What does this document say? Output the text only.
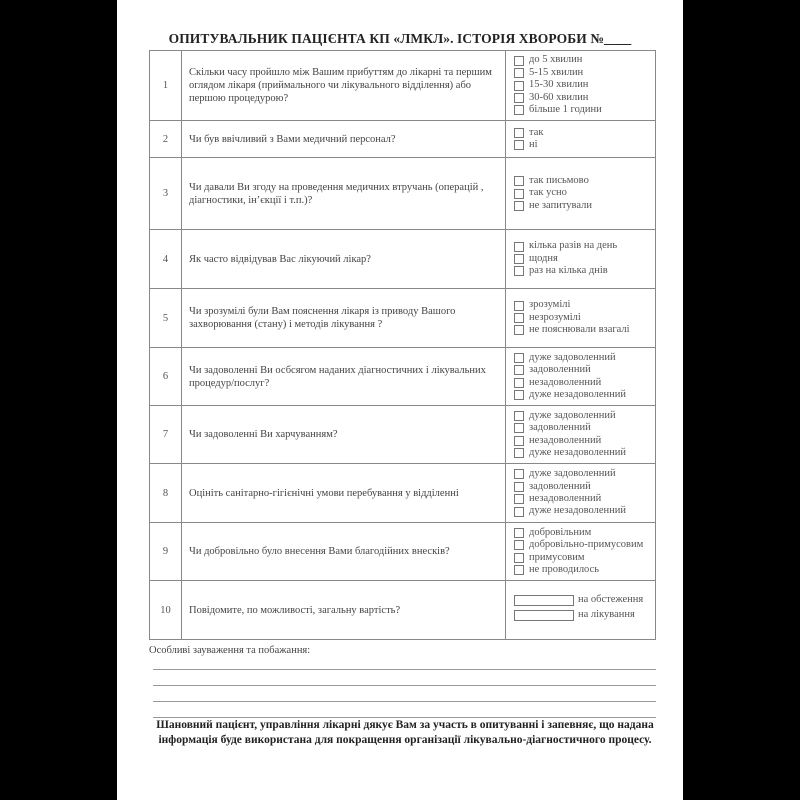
ОПИТУВАЛЬНИК ПАЦІЄНТА КП «ЛМКЛ». ІСТОРІЯ ХВОРОБИ №____
1	Скільки часу пройшло між Вашим прибуттям до лікарні та першим оглядом лікаря (приймального чи лікувального відділення) або першою процедурою?	до 5 хвилин
5-15 хвилин
15-30 хвилин
30-60 хвилин
більше 1 години

2	Чи був ввічливий з Вами медичний персонал?	так
ні

3	Чи давали Ви згоду на проведення медичних втручань (операцій , діагностики, ін’єкції і т.п.)?	так письмово
так усно
не запитували

4	Як часто відвідував Вас лікуючий лікар?	кілька разів на день
щодня
раз на кілька днів

5	Чи зрозумілі були Вам пояснення лікаря із приводу Вашого захворювання (стану) і методів лікування ?	зрозумілі
незрозумілі
не пояснювали взагалі

6	Чи задоволенні Ви осбсягом наданих діагностичних і лікувальних процедур/послуг?	дуже задоволенний
задоволенний
незадоволенний
дуже незадоволенний

7	Чи задоволенні Ви харчуванням?	дуже задоволенний
задоволенний
незадоволенний
дуже незадоволенний

8	Оцініть санітарно-гігієнічні умови перебування у відділенні	дуже задоволенний
задоволенний
незадоволенний
дуже незадоволенний

9	Чи добровільно було внесення Вами благодійних внесків?	добровільним
добровільно-примусовим
примусовим
не проводилось

10	Повідомите, по можливості, загальну вартість?	на обстеження
на лікування
Особливі зауваження та побажання:
Шановний пацієнт, управління лікарні дякує Вам за участь в опитуванні і запевняє, що надана інформація буде використана для покращення організації лікувально-діагностичного процесу.
